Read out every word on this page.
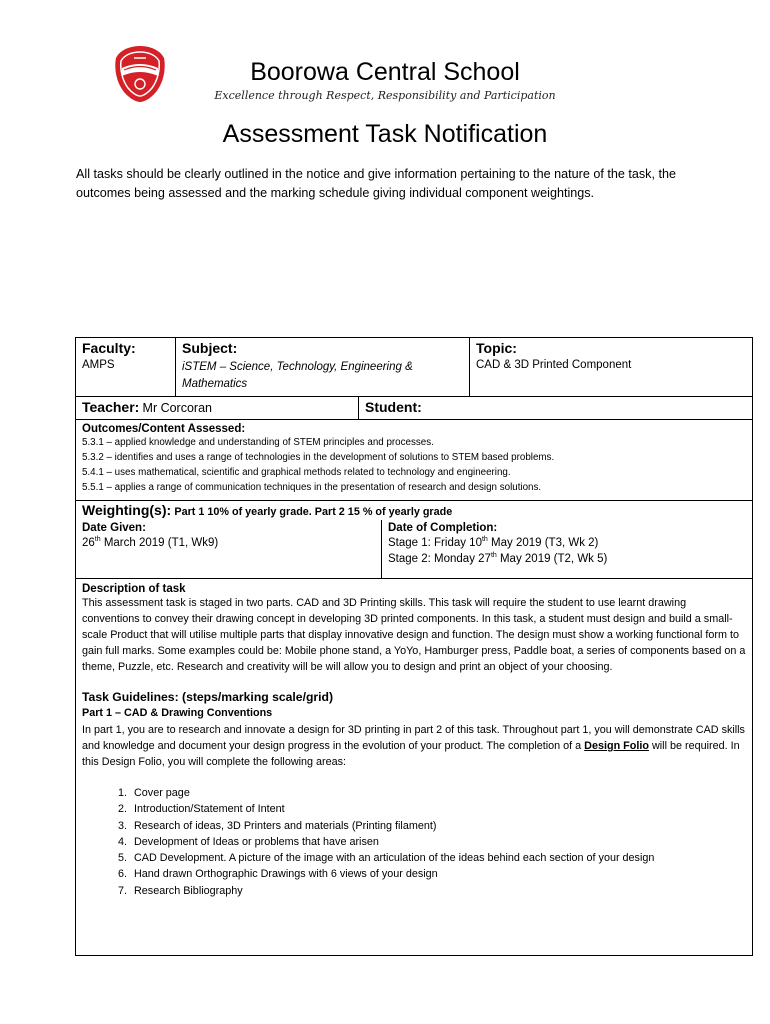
Boorowa Central School
Excellence through Respect, Responsibility and Participation
Assessment Task Notification
All tasks should be clearly outlined in the notice and give information pertaining to the nature of the task, the outcomes being assessed and the marking schedule giving individual component weightings.
Faculty:
AMPS
Subject:
iSTEM – Science, Technology, Engineering & Mathematics
Topic:
CAD & 3D Printed Component
Teacher: Mr Corcoran	Student:
Outcomes/Content Assessed:
5.3.1 – applied knowledge and understanding of STEM principles and processes.
5.3.2 – identifies and uses a range of technologies in the development of solutions to STEM based problems.
5.4.1 – uses mathematical, scientific and graphical methods related to technology and engineering.
5.5.1 – applies a range of communication techniques in the presentation of research and design solutions.
Weighting(s): Part 1 10% of yearly grade. Part 2 15 % of yearly grade
Date Given:
26th March 2019 (T1, Wk9)
Date of Completion:
Stage 1: Friday 10th May 2019 (T3, Wk 2)
Stage 2: Monday 27th May 2019 (T2, Wk 5)
Description of task
This assessment task is staged in two parts. CAD and 3D Printing skills. This task will require the student to use learnt drawing conventions to convey their drawing concept in developing 3D printed components. In this task, a student must design and build a small-scale Product that will utilise multiple parts that display innovative design and function. The design must show a working functional form to gain full marks. Some examples could be: Mobile phone stand, a YoYo, Hamburger press, Paddle boat, a series of components based on a theme, Puzzle, etc. Research and creativity will be will allow you to design and print an object of your choosing.
Task Guidelines: (steps/marking scale/grid)
Part 1 – CAD & Drawing Conventions
In part 1, you are to research and innovate a design for 3D printing in part 2 of this task. Throughout part 1, you will demonstrate CAD skills and knowledge and document your design progress in the evolution of your product. The completion of a Design Folio will be required. In this Design Folio, you will complete the following areas:
1. Cover page
2. Introduction/Statement of Intent
3. Research of ideas, 3D Printers and materials (Printing filament)
4. Development of Ideas or problems that have arisen
5. CAD Development. A picture of the image with an articulation of the ideas behind each section of your design
6. Hand drawn Orthographic Drawings with 6 views of your design
7. Research Bibliography
